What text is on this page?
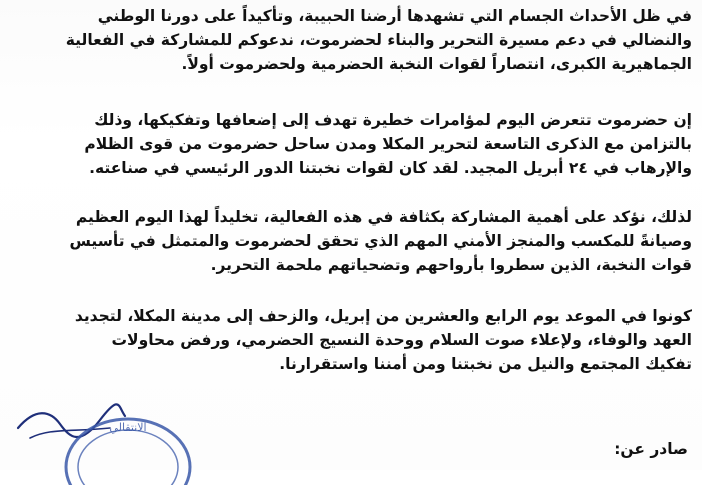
في ظل الأحداث الجسام التي تشهدها أرضنا الحبيبة، وتأكيداً على دورنا الوطني
والنضالي في دعم مسيرة التحرير والبناء لحضرموت، ندعوكم للمشاركة في الفعالية
الجماهيرية الكبرى، انتصاراً لقوات النخبة الحضرمية ولحضرموت أولاً.

إن حضرموت تتعرض اليوم لمؤامرات خطيرة تهدف إلى إضعافها وتفكيكها، وذلك
بالتزامن مع الذكرى التاسعة لتحرير المكلا ومدن ساحل حضرموت من قوى الظلام
والإرهاب في ٢٤ أبريل المجيد. لقد كان لقوات نخبتنا الدور الرئيسي في صناعته.

لذلك، نؤكد على أهمية المشاركة بكثافة في هذه الفعالية، تخليداً لهذا اليوم العظيم
وصيانةً للمكسب والمنجز الأمني المهم الذي تحقق لحضرموت والمتمثل في تأسيس
قوات النخبة، الذين سطروا بأرواحهم وتضحياتهم ملحمة التحرير.

كونوا في الموعد يوم الرابع والعشرين من إبريل، والزحف إلى مدينة المكلا، لتجديد
العهد والوفاء، ولإعلاء صوت السلام ووحدة النسيج الحضرمي، ورفض محاولات
تفكيك المجتمع والنيل من نخبتنا ومن أمننا واستقرارنا.

الانتقالي

صادر عن:
